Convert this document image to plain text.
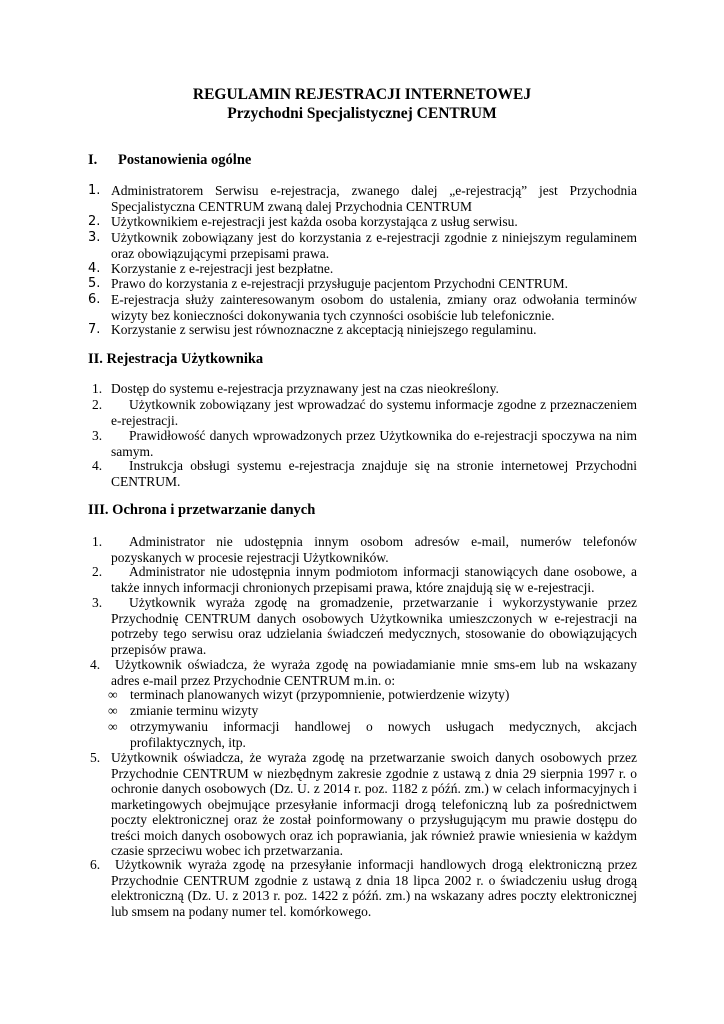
REGULAMIN REJESTRACJI INTERNETOWEJ
Przychodni Specjalistycznej CENTRUM
I. Postanowienia ogólne
1. Administratorem Serwisu e-rejestracja, zwanego dalej „e-rejestracją” jest Przychodnia Specjalistyczna CENTRUM zwaną dalej Przychodnia CENTRUM
2. Użytkownikiem e-rejestracji jest każda osoba korzystająca z usług serwisu.
3. Użytkownik zobowiązany jest do korzystania z e-rejestracji zgodnie z niniejszym regulaminem oraz obowiązującymi przepisami prawa.
4. Korzystanie z e-rejestracji jest bezpłatne.
5. Prawo do korzystania z e-rejestracji przysługuje pacjentom Przychodni CENTRUM.
6. E-rejestracja służy zainteresowanym osobom do ustalenia, zmiany oraz odwołania terminów wizyty bez konieczności dokonywania tych czynności osobiście lub telefonicznie.
7. Korzystanie z serwisu jest równoznaczne z akceptacją niniejszego regulaminu.
II. Rejestracja Użytkownika
1. Dostęp do systemu e-rejestracja przyznawany jest na czas nieokreślony.
2.	Użytkownik zobowiązany jest wprowadzać do systemu informacje zgodne z przeznaczeniem e-rejestracji.
3.	Prawidłowość danych wprowadzonych przez Użytkownika do e-rejestracji spoczywa na nim samym.
4.	Instrukcja obsługi systemu e-rejestracja znajduje się na stronie internetowej Przychodni CENTRUM.
III. Ochrona i przetwarzanie danych
1.	Administrator nie udostępnia innym osobom adresów e-mail, numerów telefonów pozyskanych w procesie rejestracji Użytkowników.
2.	Administrator nie udostępnia innym podmiotom informacji stanowiących dane osobowe, a także innych informacji chronionych przepisami prawa, które znajdują się w e-rejestracji.
3.	Użytkownik wyraża zgodę na gromadzenie, przetwarzanie i wykorzystywanie przez Przychodnię CENTRUM danych osobowych Użytkownika umieszczonych w e-rejestracji na potrzeby tego serwisu oraz udzielania świadczeń medycznych, stosowanie do obowiązujących przepisów prawa.
4. Użytkownik oświadcza, że wyraża zgodę na powiadamianie mnie sms-em lub na wskazany adres e-mail przez Przychodnie CENTRUM m.in. o:
∞ terminach planowanych wizyt (przypomnienie, potwierdzenie wizyty)
∞ zmianie terminu wizyty
∞ otrzymywaniu informacji handlowej o nowych usługach medycznych, akcjach profilaktycznych, itp.
5. Użytkownik oświadcza, że wyraża zgodę na przetwarzanie swoich danych osobowych przez Przychodnie CENTRUM w niezbędnym zakresie zgodnie z ustawą z dnia 29 sierpnia 1997 r. o ochronie danych osobowych (Dz. U. z 2014 r. poz. 1182 z późń. zm.) w celach informacyjnych i marketingowych obejmujące przesyłanie informacji drogą telefoniczną lub za pośrednictwem poczty elektronicznej oraz że został poinformowany o przysługującym mu prawie dostępu do treści moich danych osobowych oraz ich poprawiania, jak również prawie wniesienia w każdym czasie sprzeciwu wobec ich przetwarzania.
6. Użytkownik wyraża zgodę na przesyłanie informacji handlowych drogą elektroniczną przez Przychodnie CENTRUM zgodnie z ustawą z dnia 18 lipca 2002 r. o świadczeniu usług drogą elektroniczną (Dz. U. z 2013 r. poz. 1422 z późń. zm.) na wskazany adres poczty elektronicznej lub smsem na podany numer tel. komórkowego.
